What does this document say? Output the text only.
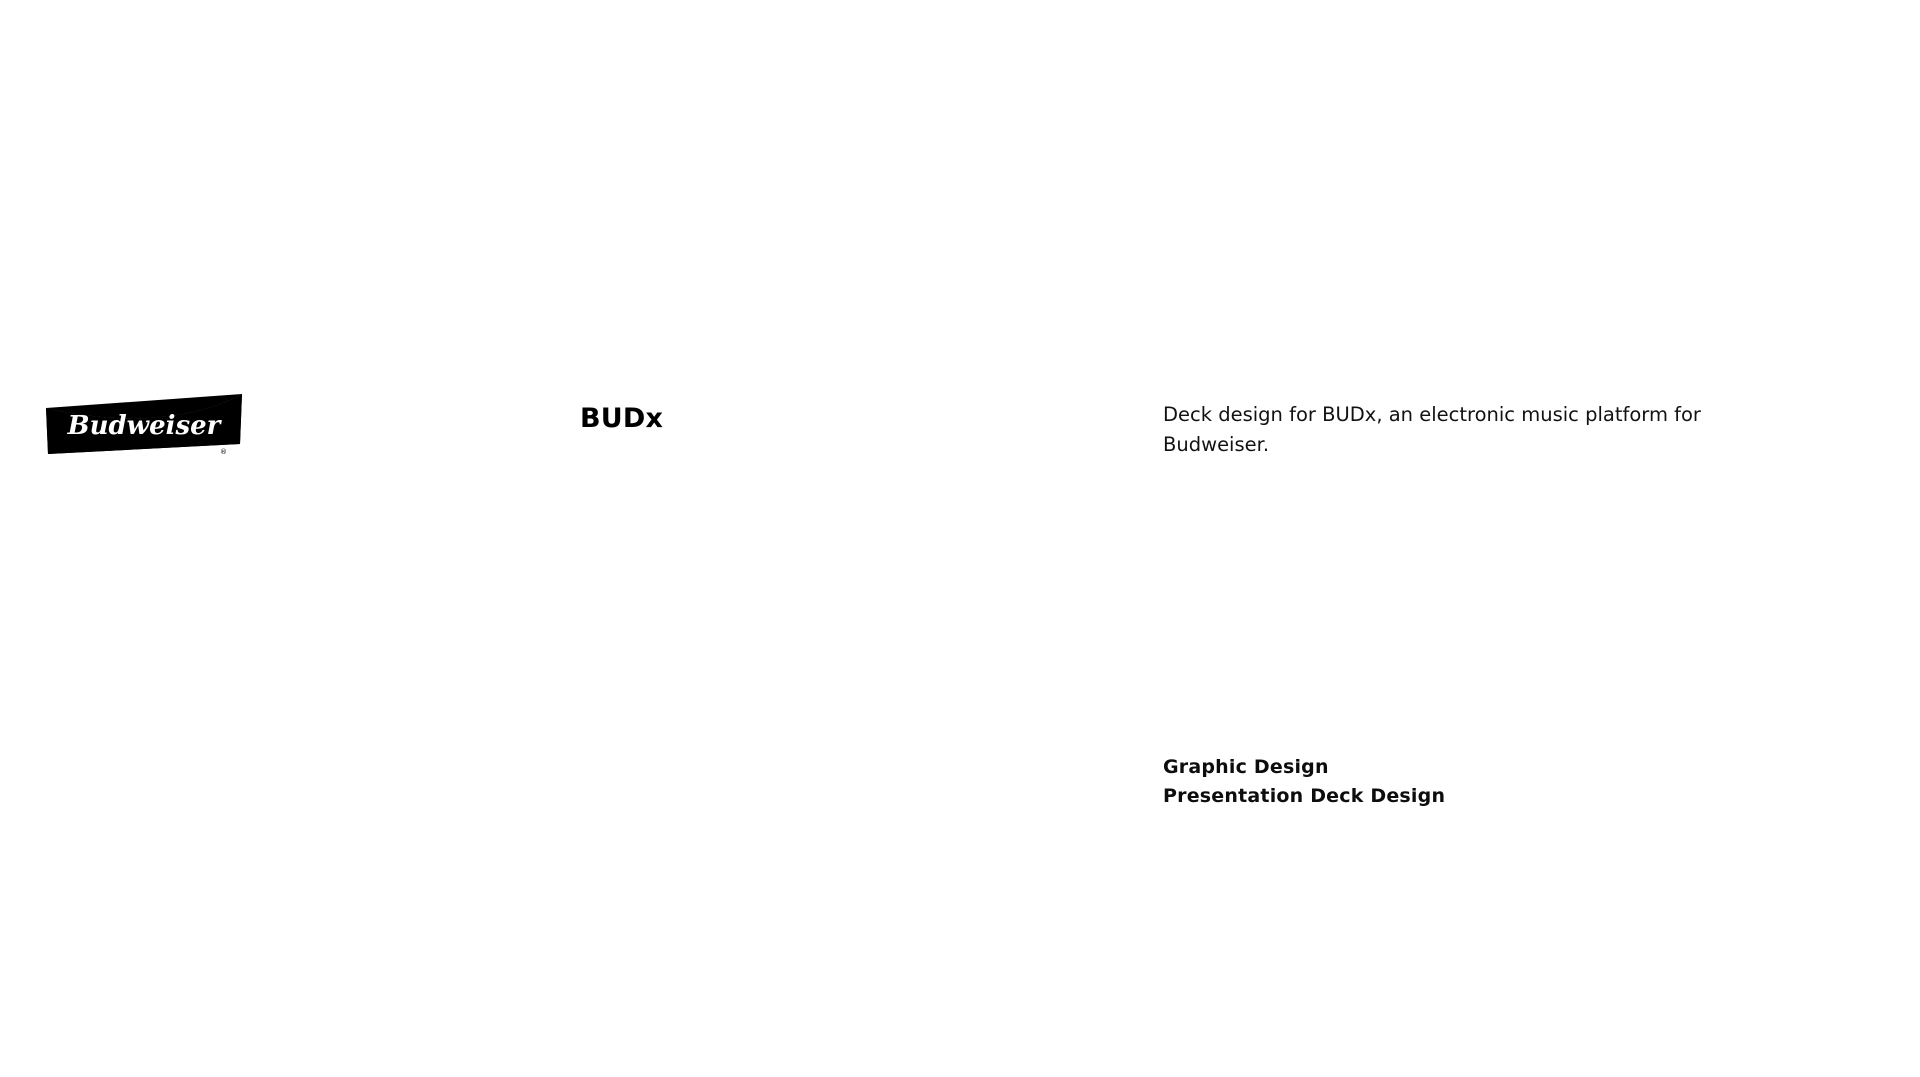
Budweiser
®
BUDx	Deck design for BUDx, an electronic music platform for Budweiser.
Graphic Design
Presentation Deck Design
